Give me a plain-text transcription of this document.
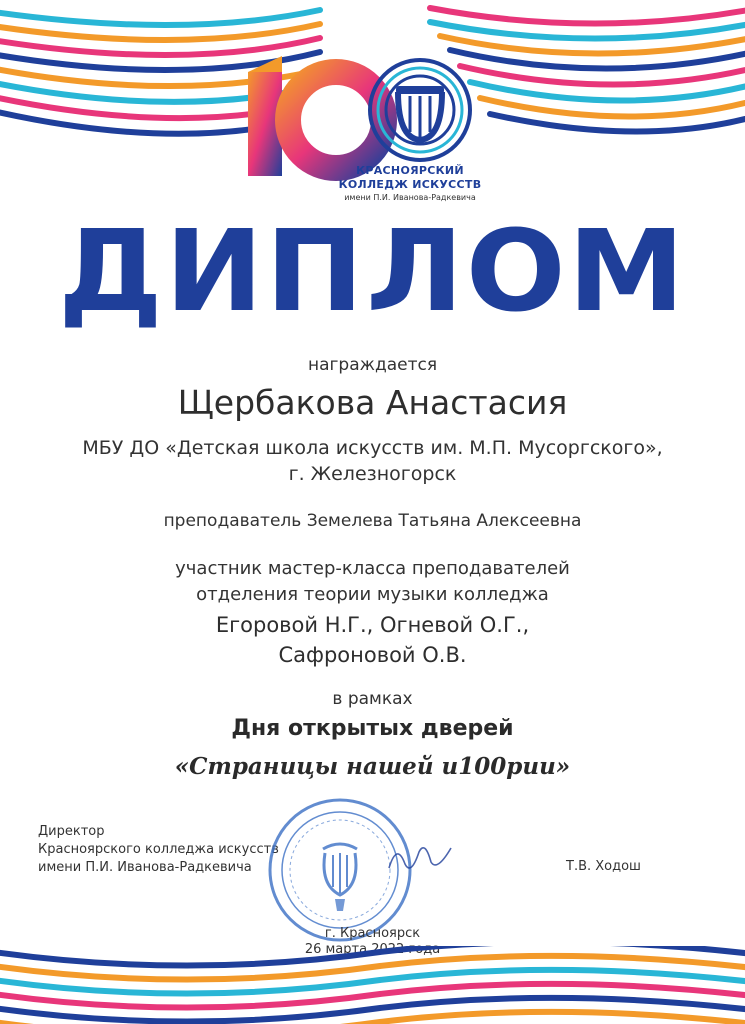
КРАСНОЯРСКИЙ
КОЛЛЕДЖ ИСКУССТВ
имени П.И. Иванова-Радкевича
ДИПЛОМ
награждается
Щербакова Анастасия
МБУ ДО «Детская школа искусств им. М.П. Мусоргского»,
г. Железногорск
преподаватель Земелева Татьяна Алексеевна
участник мастер-класса преподавателей
отделения теории музыки колледжа
Егоровой Н.Г., Огневой О.Г.,
Сафроновой О.В.
в рамках
Дня открытых дверей
«Страницы нашей и100рии»
Директор
Красноярского колледжа искусств
имени П.И. Иванова-Радкевича	Т.В. Ходош
г. Красноярск
26 марта 2022 года
